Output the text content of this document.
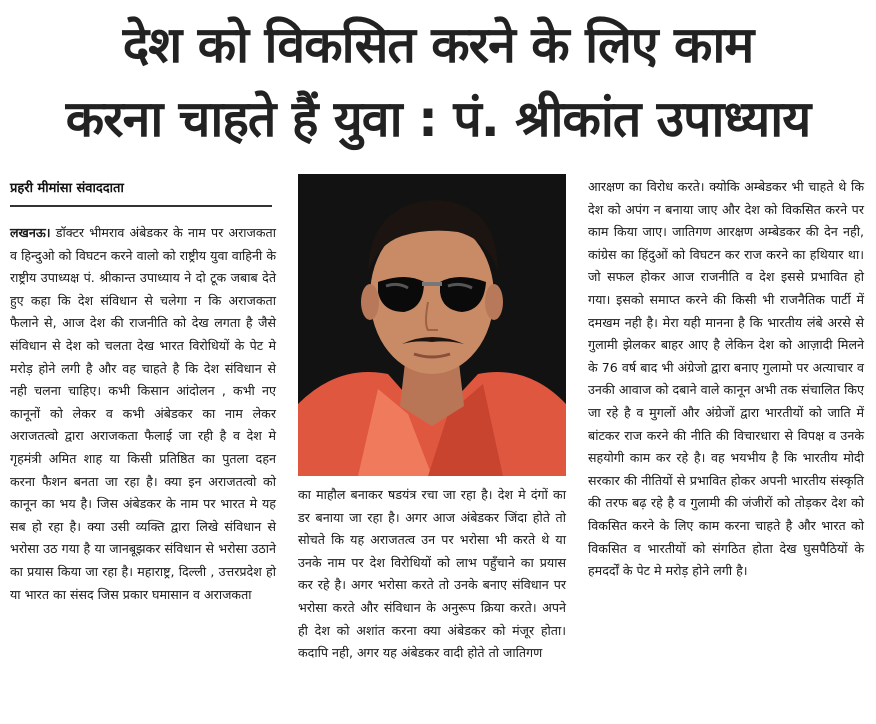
देश को विकसित करने के लिए काम
करना चाहते हैं युवा : पं. श्रीकांत उपाध्याय
प्रहरी मीमांसा संवाददाता

लखनऊ। डॉक्टर भीमराव अंबेडकर के नाम पर अराजकता व हिन्दुओ को विघटन करने वालो को राष्ट्रीय युवा वाहिनी के राष्ट्रीय उपाध्यक्ष पं. श्रीकान्त उपाध्याय ने दो टूक जबाब देते हुए कहा कि देश संविधान से चलेगा न कि अराजकता फैलाने से, आज देश की राजनीति को देख लगता है जैसे संविधान से देश को चलता देख भारत विरोधियों के पेट मे मरोड़ होने लगी है और वह चाहते है कि देश संविधान से नही चलना चाहिए। कभी किसान आंदोलन , कभी नए कानूनों को लेकर व कभी अंबेडकर का नाम लेकर अराजतत्वो द्वारा अराजकता फैलाई जा रही है व देश मे गृहमंत्री अमित शाह या किसी प्रतिष्ठित का पुतला दहन करना फैशन बनता जा रहा है। क्या इन अराजतत्वो को कानून का भय है। जिस अंबेडकर के नाम पर भारत मे यह सब हो रहा है। क्या उसी व्यक्ति द्वारा लिखे संविधान से भरोसा उठ गया है या जानबूझकर संविधान से भरोसा उठाने का प्रयास किया जा रहा है। महाराष्ट्र, दिल्ली , उत्तरप्रदेश हो या भारत का संसद जिस प्रकार घमासान व अराजकता

का माहौल बनाकर षडयंत्र रचा जा रहा है। देश मे दंगों का डर बनाया जा रहा है। अगर आज अंबेडकर जिंदा होते तो सोचते कि यह अराजतत्व उन पर भरोसा भी करते थे या उनके नाम पर देश विरोधियों को लाभ पहुँचाने का प्रयास कर रहे है। अगर भरोसा करते तो उनके बनाए संविधान पर भरोसा करते और संविधान के अनुरूप क्रिया करते। अपने ही देश को अशांत करना क्या अंबेडकर को मंजूर होता। कदापि नही, अगर यह अंबेडकर वादी होते तो जातिगण

आरक्षण का विरोध करते। क्योकि अम्बेडकर भी चाहते थे कि देश को अपंग न बनाया जाए और देश को विकसित करने पर काम किया जाए। जातिगण आरक्षण अम्बेडकर की देन नही, कांग्रेस का हिंदुओं को विघटन कर राज करने का हथियार था। जो सफल होकर आज राजनीति व देश इससे प्रभावित हो गया। इसको समाप्त करने की किसी भी राजनैतिक पार्टी में दमखम नही है। मेरा यही मानना है कि भारतीय लंबे अरसे से गुलामी झेलकर बाहर आए है लेकिन देश को आज़ादी मिलने के 76 वर्ष बाद भी अंग्रेजो द्वारा बनाए गुलामो पर अत्याचार व उनकी आवाज को दबाने वाले कानून अभी तक संचालित किए जा रहे है व मुगलों और अंग्रेजों द्वारा भारतीयों को जाति में बांटकर राज करने की नीति की विचारधारा से विपक्ष व उनके सहयोगी काम कर रहे है। वह भयभीय है कि भारतीय मोदी सरकार की नीतियों से प्रभावित होकर अपनी भारतीय संस्कृति की तरफ बढ़ रहे है व गुलामी की जंजीरों को तोड़कर देश को विकसित करने के लिए काम करना चाहते है और भारत को विकसित व भारतीयों को संगठित होता देख घुसपैठियों के हमदर्दों के पेट मे मरोड़ होने लगी है।
